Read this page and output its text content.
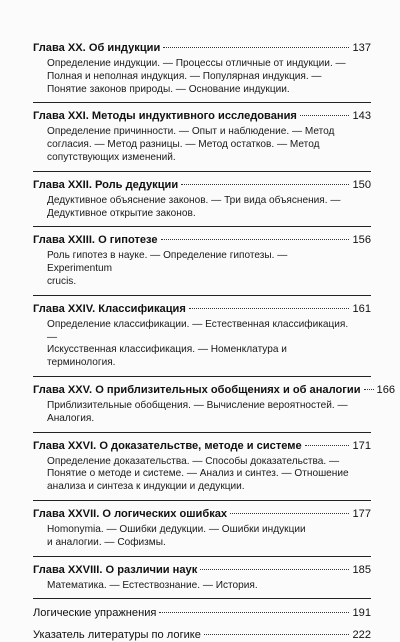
Глава XX. Об индукции	137
Определение индукции. — Процессы отличные от индукции. —
Полная и неполная индукция. — Популярная индукция. —
Понятие законов природы. — Основание индукции.
Глава XXI. Методы индуктивного исследования	143
Определение причинности. — Опыт и наблюдение. — Метод
согласия. — Метод разницы. — Метод остатков. — Метод
сопутствующих изменений.
Глава XXII. Роль дедукции	150
Дедуктивное объяснение законов. — Три вида объяснения. —
Дедуктивное открытие законов.
Глава XXIII. О гипотезе	156
Роль гипотез в науке. — Определение гипотезы. — Experimentum
crucis.
Глава XXIV. Классификация	161
Определение классификации. — Естественная классификация. —
Искусственная классификация. — Номенклатура и терминология.
Глава XXV. О приблизительных обобщениях и об аналогии 166
Приблизительные обобщения. — Вычисление вероятностей. —
Аналогия.
Глава XXVI. О доказательстве, методе и системе	171
Определение доказательства. — Способы доказательства. —
Понятие о методе и системе. — Анализ и синтез. — Отношение
анализа и синтеза к индукции и дедукции.
Глава XXVII. О логических ошибках	177
Homonymia. — Ошибки дедукции. — Ошибки индукции
и аналогии. — Софизмы.
Глава XXVIII. О различии наук	185
Математика. — Естествознание. — История.
Логические упражнения	191
Указатель литературы по логике	222
